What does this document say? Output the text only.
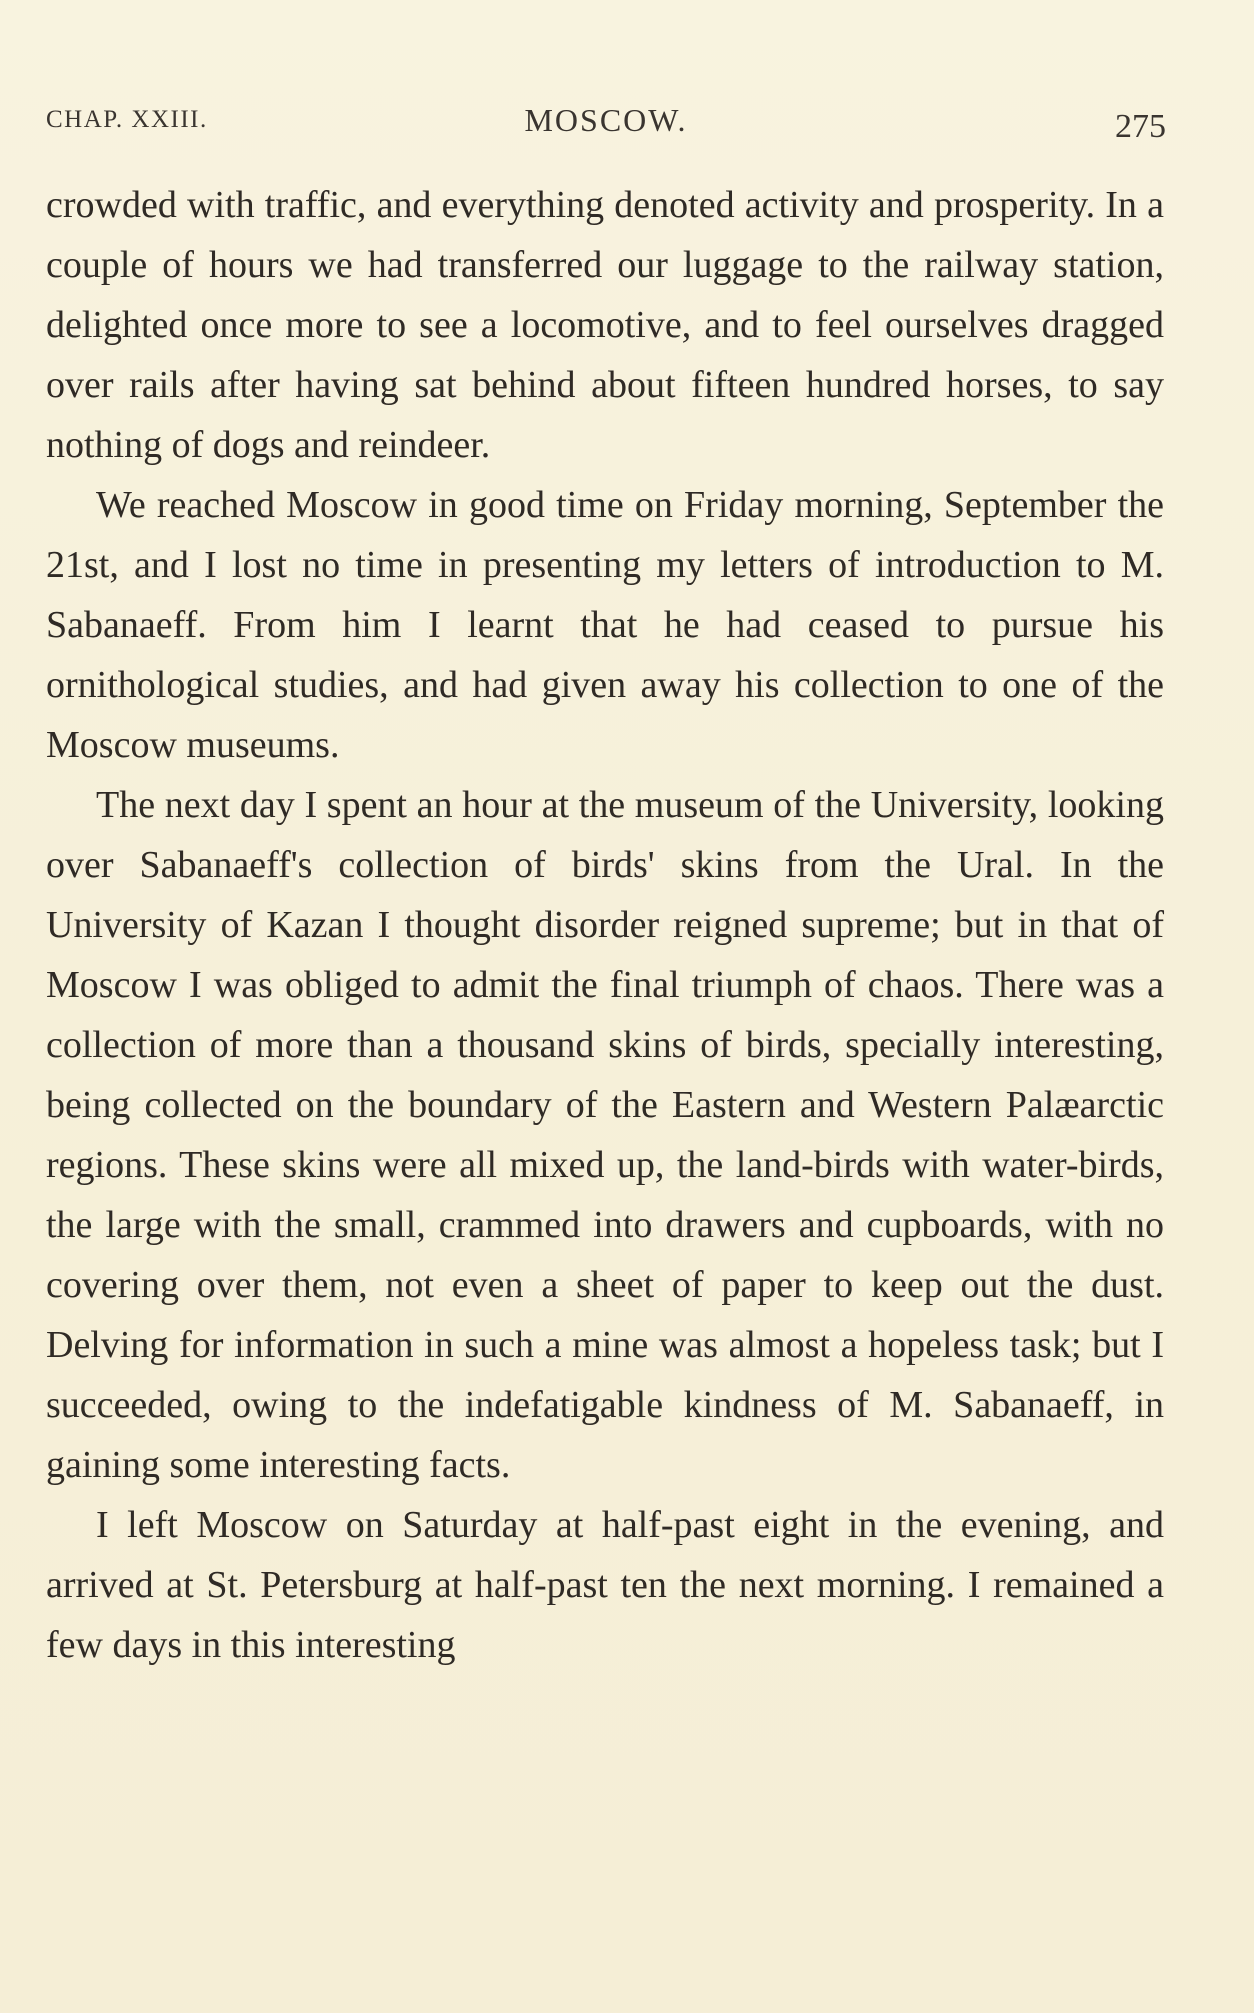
CHAP. XXIII.	MOSCOW.	275

crowded with traffic, and everything denoted activity and prosperity. In a couple of hours we had transferred our luggage to the railway station, delighted once more to see a locomotive, and to feel ourselves dragged over rails after having sat behind about fifteen hundred horses, to say nothing of dogs and reindeer.

We reached Moscow in good time on Friday morning, September the 21st, and I lost no time in presenting my letters of introduction to M. Sabanaeff. From him I learnt that he had ceased to pursue his ornithological studies, and had given away his collection to one of the Moscow museums.

The next day I spent an hour at the museum of the University, looking over Sabanaeff's collection of birds' skins from the Ural. In the University of Kazan I thought disorder reigned supreme; but in that of Moscow I was obliged to admit the final triumph of chaos. There was a collection of more than a thousand skins of birds, specially interesting, being collected on the boundary of the Eastern and Western Palæarctic regions. These skins were all mixed up, the land-birds with water-birds, the large with the small, crammed into drawers and cupboards, with no covering over them, not even a sheet of paper to keep out the dust. Delving for information in such a mine was almost a hopeless task; but I succeeded, owing to the indefatigable kindness of M. Sabanaeff, in gaining some interesting facts.

I left Moscow on Saturday at half-past eight in the evening, and arrived at St. Petersburg at half-past ten the next morning. I remained a few days in this interesting
